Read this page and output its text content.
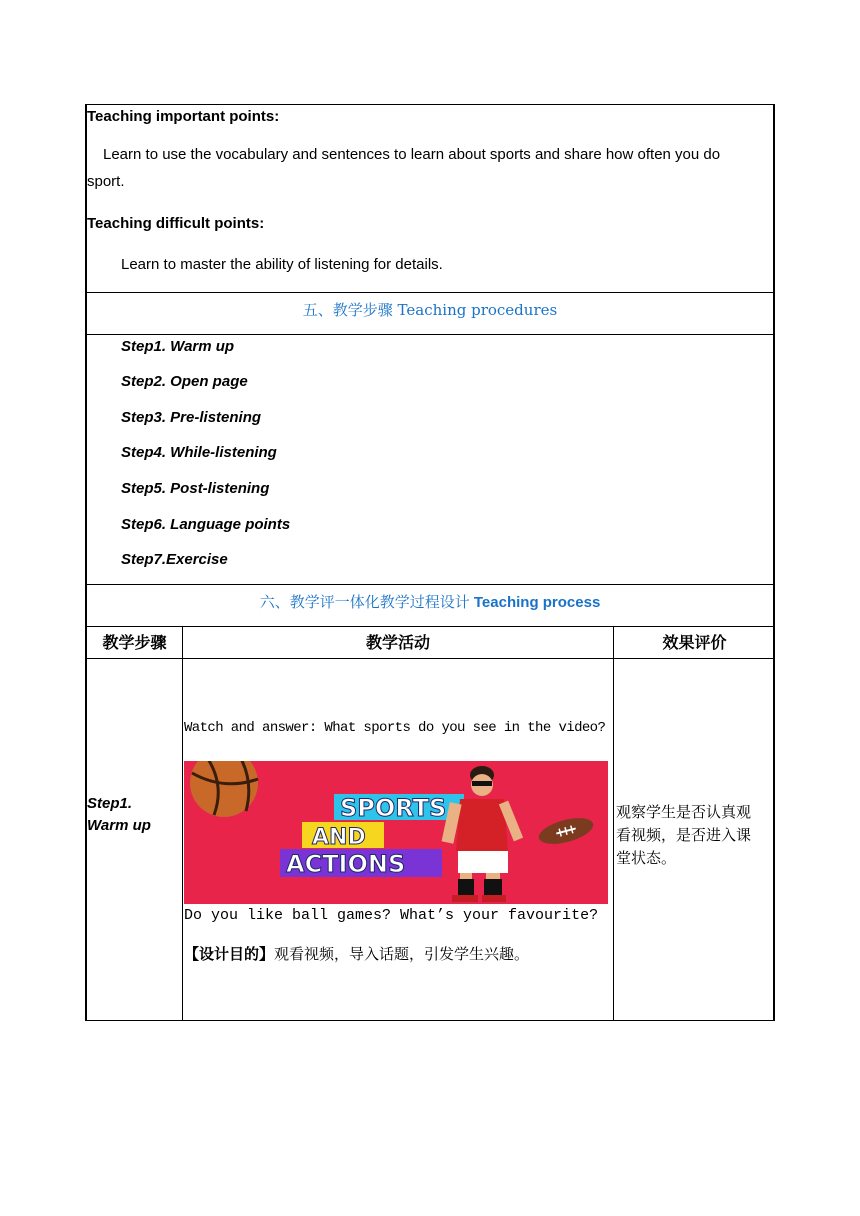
Teaching important points:
Learn to use the vocabulary and sentences to learn about sports and share how often you do
sport.
Teaching difficult points:
Learn to master the ability of listening for details.
五、教学步骤 Teaching procedures
Step1. Warm up
Step2. Open page
Step3. Pre-listening
Step4. While-listening
Step5. Post-listening
Step6. Language points
Step7.Exercise
六、教学评一体化教学过程设计 Teaching process
教学步骤	教学活动	效果评价
Step1.
Warm up
Watch and answer: What sports do you see in the video?
SPORTS
AND
ACTIONS
Do you like ball games? What’s your favourite?
【设计目的】观看视频，导入话题，引发学生兴趣。
观察学生是否认真观
看视频，是否进入课
堂状态。
